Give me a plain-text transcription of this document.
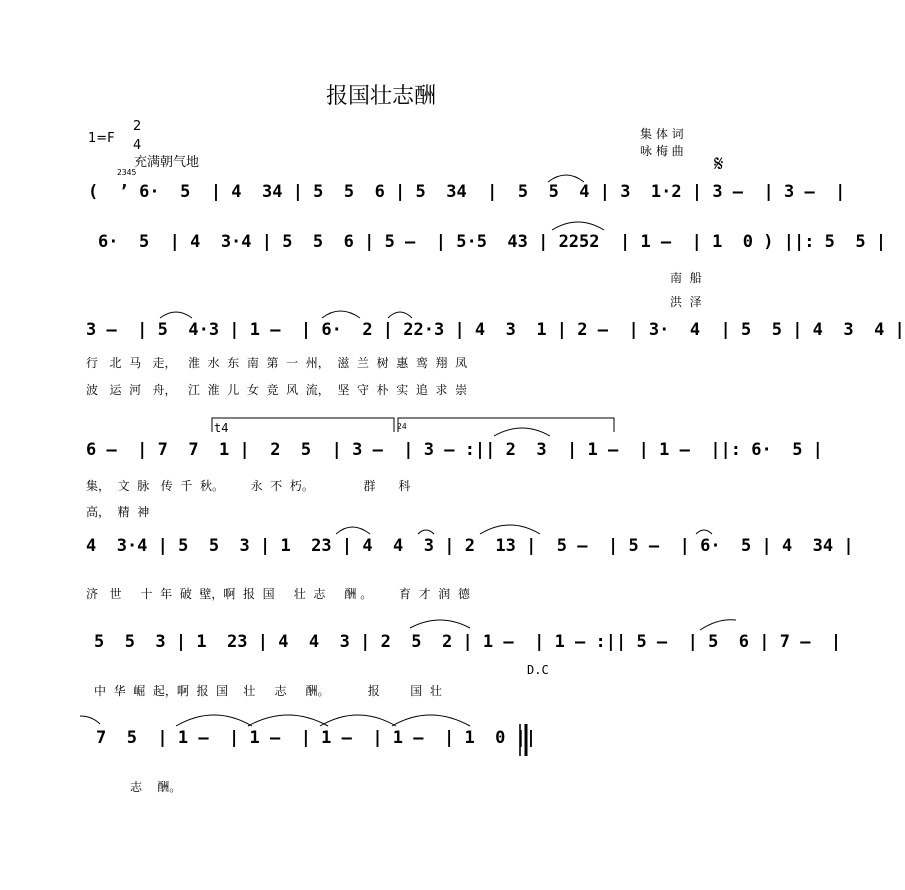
报国壮志酬
1=F
2
4
集 体 词
咏 梅 曲
充满朝气地
2345	𝄋
(  ’ 6·  5  | 4  34 | 5  5  6 | 5  34  |  5  5  4 | 3  1·2 | 3 –  | 3 –  |
6·  5  | 4  3·4 | 5  5  6 | 5 –  | 5·5  43 | 2252  | 1 –  | 1  0 ) ||: 5  5 |
南  船
洪  泽
3 –  | 5  4·3 | 1 –  | 6·  2 | 22·3 | 4  3  1 | 2 –  | 3·  4  | 5  5 | 4  3  4 |
行   北  马   走，   淮  水  东  南  第  一  州，  滋  兰  树  惠  鸾  翔  凤
波   运  河   舟，   江  淮  儿  女  竞  风  流，  坚  守  朴  实  追  求  崇
t4	24
6 –  | 7  7  1 |  2  5  | 3 –  | 3 – :|| 2  3  | 1 –  | 1 –  ||: 6·  5 |
集，  文  脉   传  千  秋。       永  不  朽。             群      科
高，  精  神
4  3·4 | 5  5  3 | 1  23 | 4  4  3 | 2  13 |  5 –  | 5 –  | 6·  5 | 4  34 |
济   世     十  年  破  壁，啊  报  国     壮  志     酬 。       育  才  润  德
5  5  3 | 1  23 | 4  4  3 | 2  5  2 | 1 –  | 1 – :|| 5 –  | 5  6 | 7 –  |
D.C
中  华  崛  起，啊  报  国    壮     志     酬。          报        国  壮
7  5  | 1 –  | 1 –  | 1 –  | 1 –  | 1  0 ||
志    酬。
